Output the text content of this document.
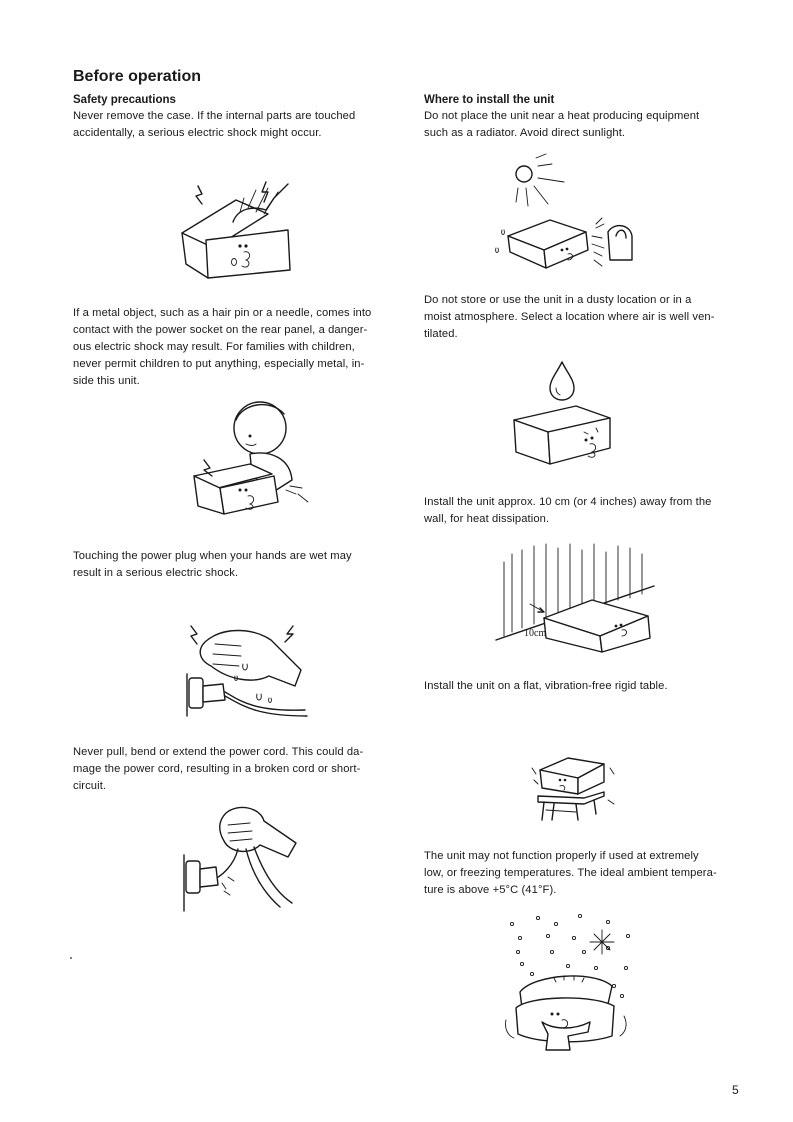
Before operation
Safety precautions

Never remove the case. If the internal parts are touched
accidentally, a serious electric shock might occur.

If a metal object, such as a hair pin or a needle, comes into
contact with the power socket on the rear panel, a danger-
ous electric shock may result. For families with children,
never permit children to put anything, especially metal, in-
side this unit.

Touching the power plug when your hands are wet may
result in a serious electric shock.

Never pull, bend or extend the power cord. This could da-
mage the power cord, resulting in a broken cord or short-
circuit.

Where to install the unit

Do not place the unit near a heat producing equipment
such as a radiator. Avoid direct sunlight.

Do not store or use the unit in a dusty location or in a
moist atmosphere. Select a location where air is well ven-
tilated.

Install the unit approx. 10 cm (or 4 inches) away from the
wall, for heat dissipation.

10cm

Install the unit on a flat, vibration-free rigid table.

The unit may not function properly if used at extremely
low, or freezing temperatures. The ideal ambient tempera-
ture is above +5°C (41°F).

5
